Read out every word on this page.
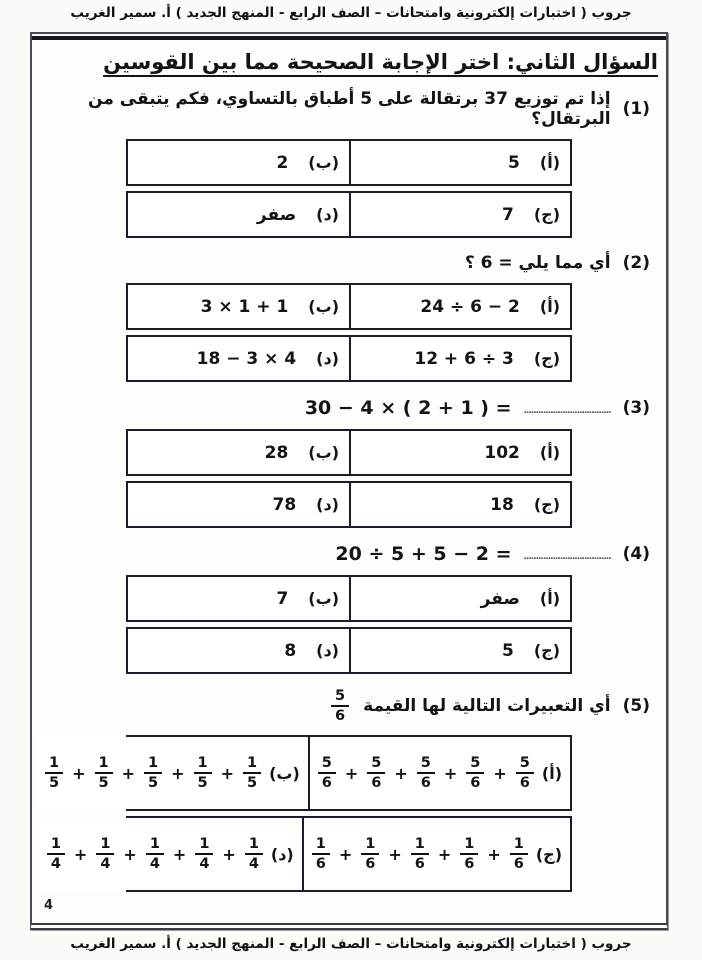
جروب ( اختبارات إلكترونية وامتحانات – الصف الرابع - المنهج الجديد ) أ. سمير الغريب
السؤال الثاني: اختر الإجابة الصحيحة مما بين القوسين
(1)
إذا تم توزيع 37 برتقالة على 5 أطباق بالتساوي، فكم يتبقى من البرتقال؟
(أ)
5
(ب)
2
(ج)
7
(د)
صفر
(2)
أي مما يلي = 6 ؟
(أ)
24 ÷ 6 − 2
(ب)
3 × 1 + 1
(ج)
12 + 6 ÷ 3
(د)
18 − 3 × 4
(3)
....................................
30 − 4 × ( 2 + 1 ) =
(أ)
102
(ب)
28
(ج)
18
(د)
78
(4)
....................................
20 ÷ 5 + 5 − 2 =
(أ)
صفر
(ب)
7
(ج)
5
(د)
8
(5)
أي التعبيرات التالية لها القيمة
$\frac{5}{6}$
(أ)
$\frac{5}{6}$
+
$\frac{5}{6}$
+
$\frac{5}{6}$
+
$\frac{5}{6}$
+
$\frac{5}{6}$
(ب)
$\frac{1}{5}$
+
$\frac{1}{5}$
+
$\frac{1}{5}$
+
$\frac{1}{5}$
+
$\frac{1}{5}$
(ج)
$\frac{1}{6}$
+
$\frac{1}{6}$
+
$\frac{1}{6}$
+
$\frac{1}{6}$
+
$\frac{1}{6}$
(د)
$\frac{1}{4}$
+
$\frac{1}{4}$
+
$\frac{1}{4}$
+
$\frac{1}{4}$
+
$\frac{1}{4}$
4
جروب ( اختبارات إلكترونية وامتحانات – الصف الرابع - المنهج الجديد ) أ. سمير الغريب
